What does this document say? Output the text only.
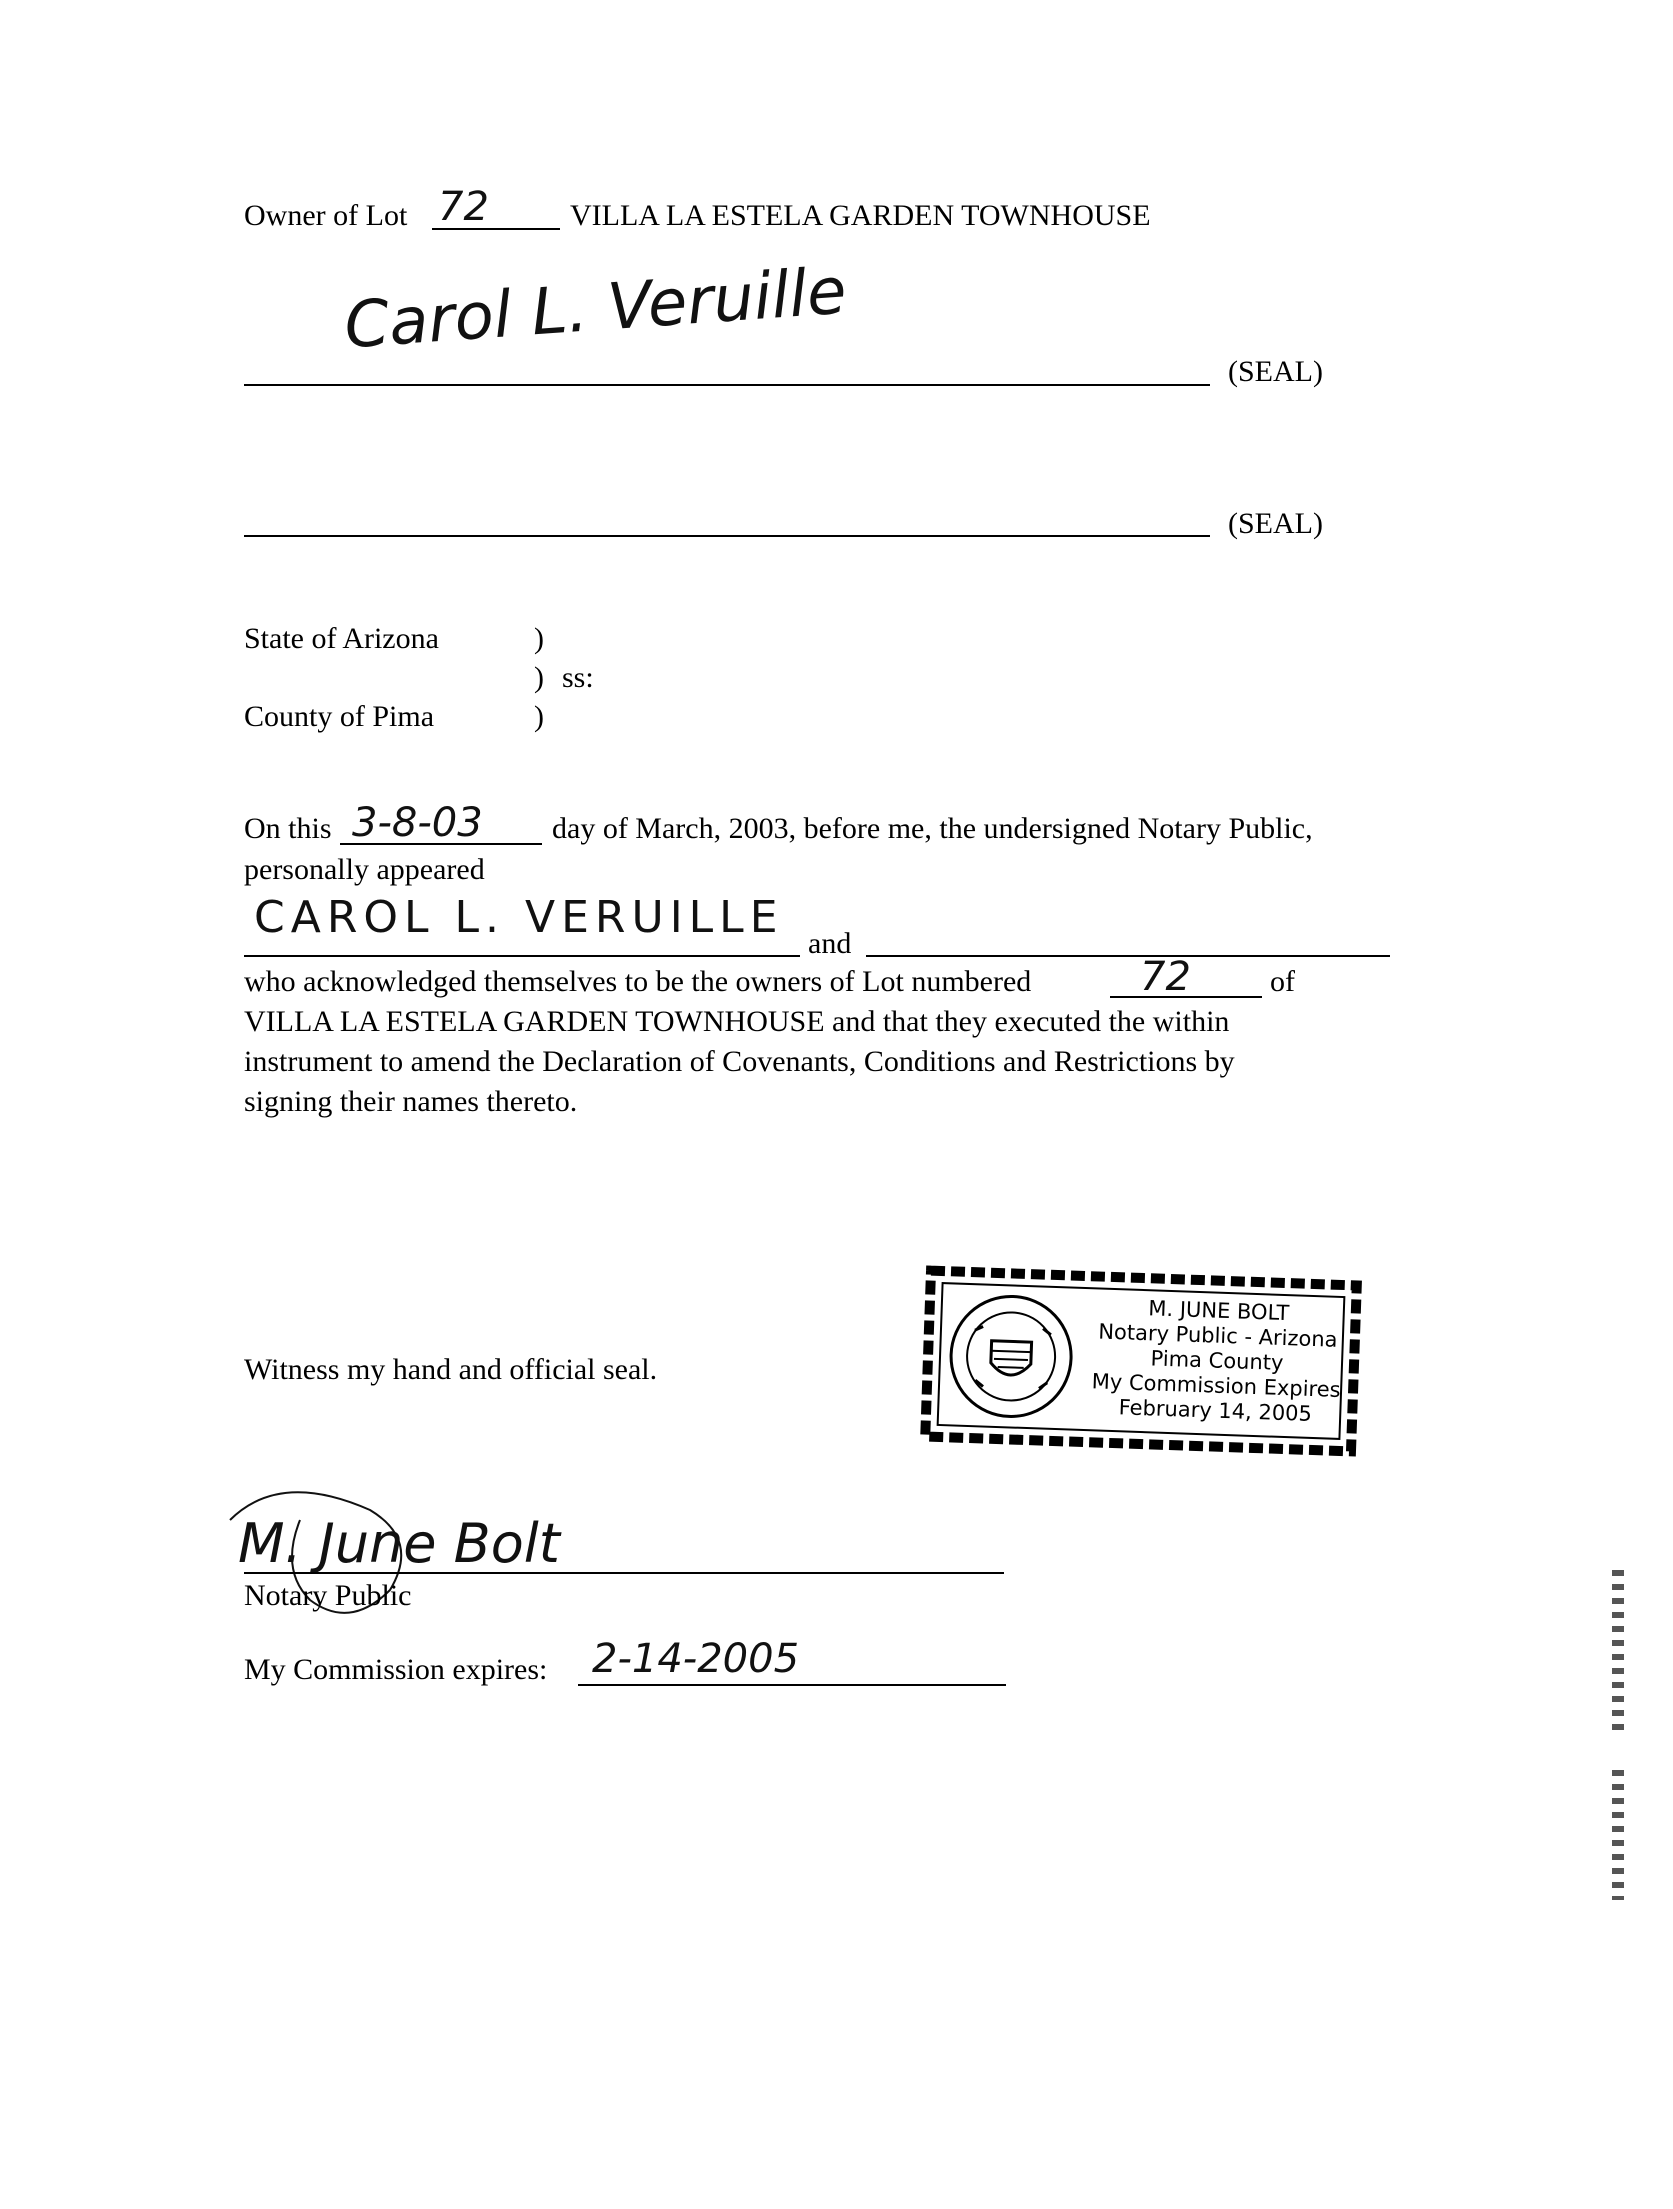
Owner of Lot 72	VILLA LA ESTELA GARDEN TOWNHOUSE
Carol L. Veruille
(SEAL)
(SEAL)
State of Arizona	)
) ss:
)
County of Pima
On this 3-8-03 day of March, 2003, before me, the undersigned Notary Public,
personally appeared
CAROL L. VERUILLE
and
who acknowledged themselves to be the owners of Lot numbered	72	of
VILLA LA ESTELA GARDEN TOWNHOUSE and that they executed the within
instrument to amend the Declaration of Covenants, Conditions and Restrictions by
signing their names thereto.
Witness my hand and official seal.
M. JUNE BOLT
Notary Public - Arizona
Pima County
My Commission Expires
February 14, 2005
M. June Bolt
Notary Public
My Commission expires: 2-14-2005
